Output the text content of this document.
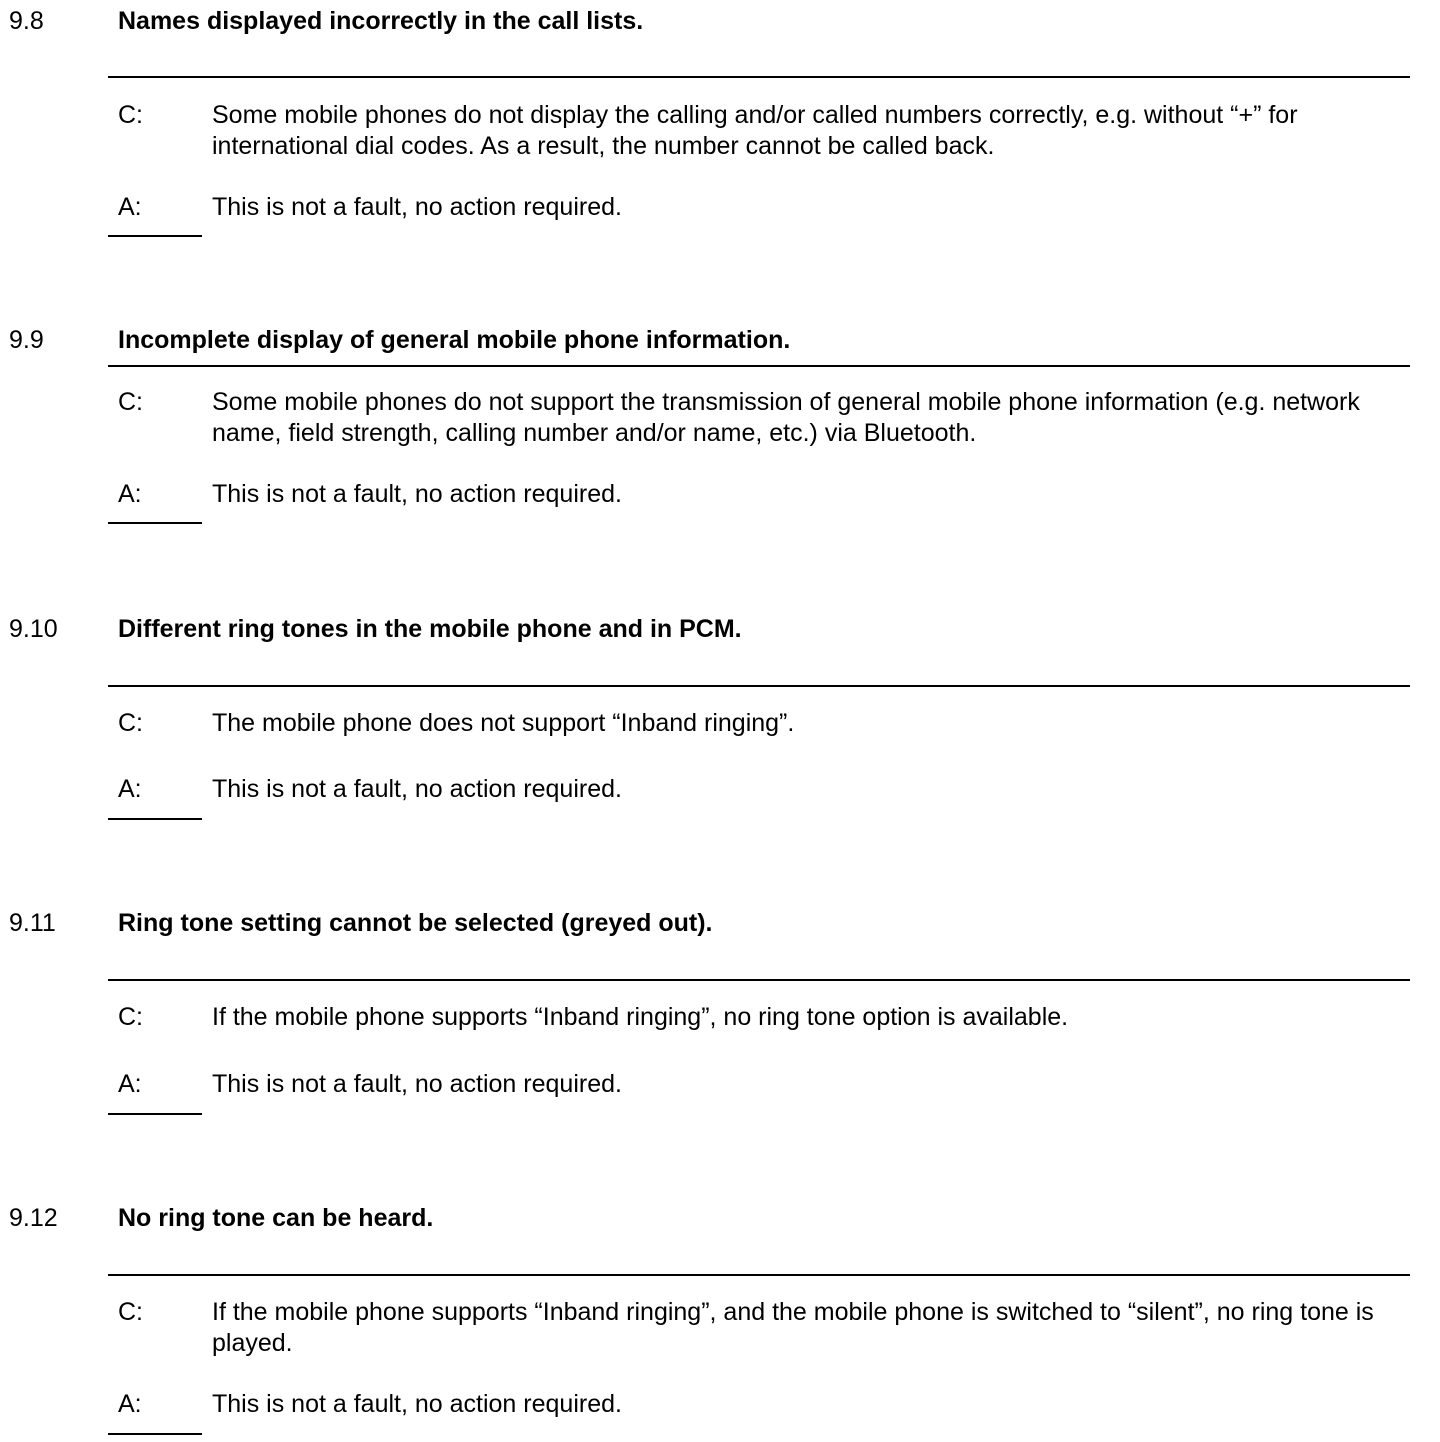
9.8	Names displayed incorrectly in the call lists.
C:	Some mobile phones do not display the calling and/or called numbers correctly, e.g. without “+” for international dial codes. As a result, the number cannot be called back.
A:	This is not a fault, no action required.
9.9	Incomplete display of general mobile phone information.
C:	Some mobile phones do not support the transmission of general mobile phone information (e.g. network name, field strength, calling number and/or name, etc.) via Bluetooth.
A:	This is not a fault, no action required.
9.10 Different ring tones in the mobile phone and in PCM.
C:	The mobile phone does not support “Inband ringing”.
A:	This is not a fault, no action required.
9.11 Ring tone setting cannot be selected (greyed out).
C:	If the mobile phone supports “Inband ringing”, no ring tone option is available.
A:	This is not a fault, no action required.
9.12 No ring tone can be heard.
C:	If the mobile phone supports “Inband ringing”, and the mobile phone is switched to “silent”, no ring tone is played.
A:	This is not a fault, no action required.
